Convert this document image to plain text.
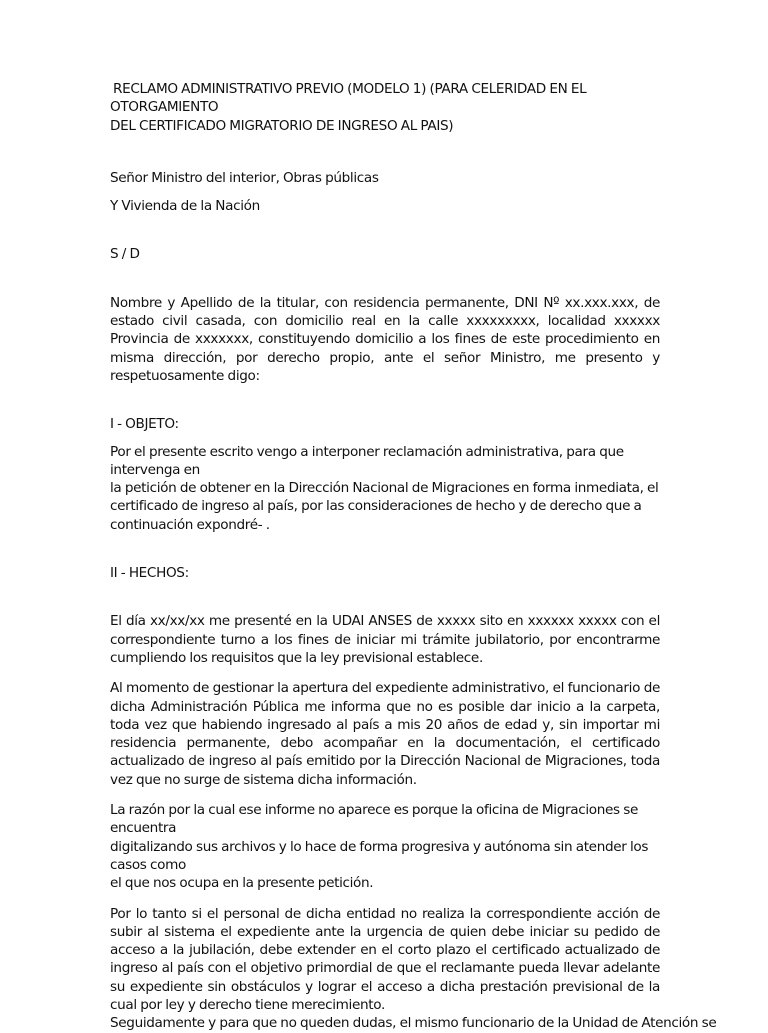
RECLAMO ADMINISTRATIVO PREVIO (MODELO 1) (PARA CELERIDAD EN EL OTORGAMIENTO

DEL CERTIFICADO MIGRATORIO DE INGRESO AL PAIS)

Señor Ministro del interior, Obras públicas

Y Vivienda de la Nación

S / D

Nombre y Apellido de la titular, con residencia permanente, DNI Nº xx.xxx.xxx, de estado civil casada, con domicilio real en la calle xxxxxxxxx, localidad xxxxxx Provincia de xxxxxxx, constituyendo domicilio a los fines de este procedimiento en misma dirección, por derecho propio, ante el señor Ministro, me presento y respetuosamente digo:

I - OBJETO:

Por el presente escrito vengo a interponer reclamación administrativa, para que intervenga en

la petición de obtener en la Dirección Nacional de Migraciones en forma inmediata, el

certificado de ingreso al país, por las consideraciones de hecho y de derecho que a

continuación expondré- .

II - HECHOS:

El día xx/xx/xx me presenté en la UDAI ANSES de xxxxx sito en xxxxxx xxxxx con el correspondiente turno a los fines de iniciar mi trámite jubilatorio, por encontrarme cumpliendo los requisitos que la ley previsional establece.

Al momento de gestionar la apertura del expediente administrativo, el funcionario de dicha Administración Pública me informa que no es posible dar inicio a la carpeta, toda vez que habiendo ingresado al país a mis 20 años de edad y, sin importar mi residencia permanente, debo acompañar en la documentación, el certificado actualizado de ingreso al país emitido por la Dirección Nacional de Migraciones, toda vez que no surge de sistema dicha información.

La razón por la cual ese informe no aparece es porque la oficina de Migraciones se encuentra

digitalizando sus archivos y lo hace de forma progresiva y autónoma sin atender los casos como

el que nos ocupa en la presente petición.

Por lo tanto si el personal de dicha entidad no realiza la correspondiente acción de subir al sistema el expediente ante la urgencia de quien debe iniciar su pedido de acceso a la jubilación, debe extender en el corto plazo el certificado actualizado de ingreso al país con el objetivo primordial de que el reclamante pueda llevar adelante su expediente sin obstáculos y lograr el acceso a dicha prestación previsional de la cual por ley y derecho tiene merecimiento.

Seguidamente y para que no queden dudas, el mismo funcionario de la Unidad de Atención se
